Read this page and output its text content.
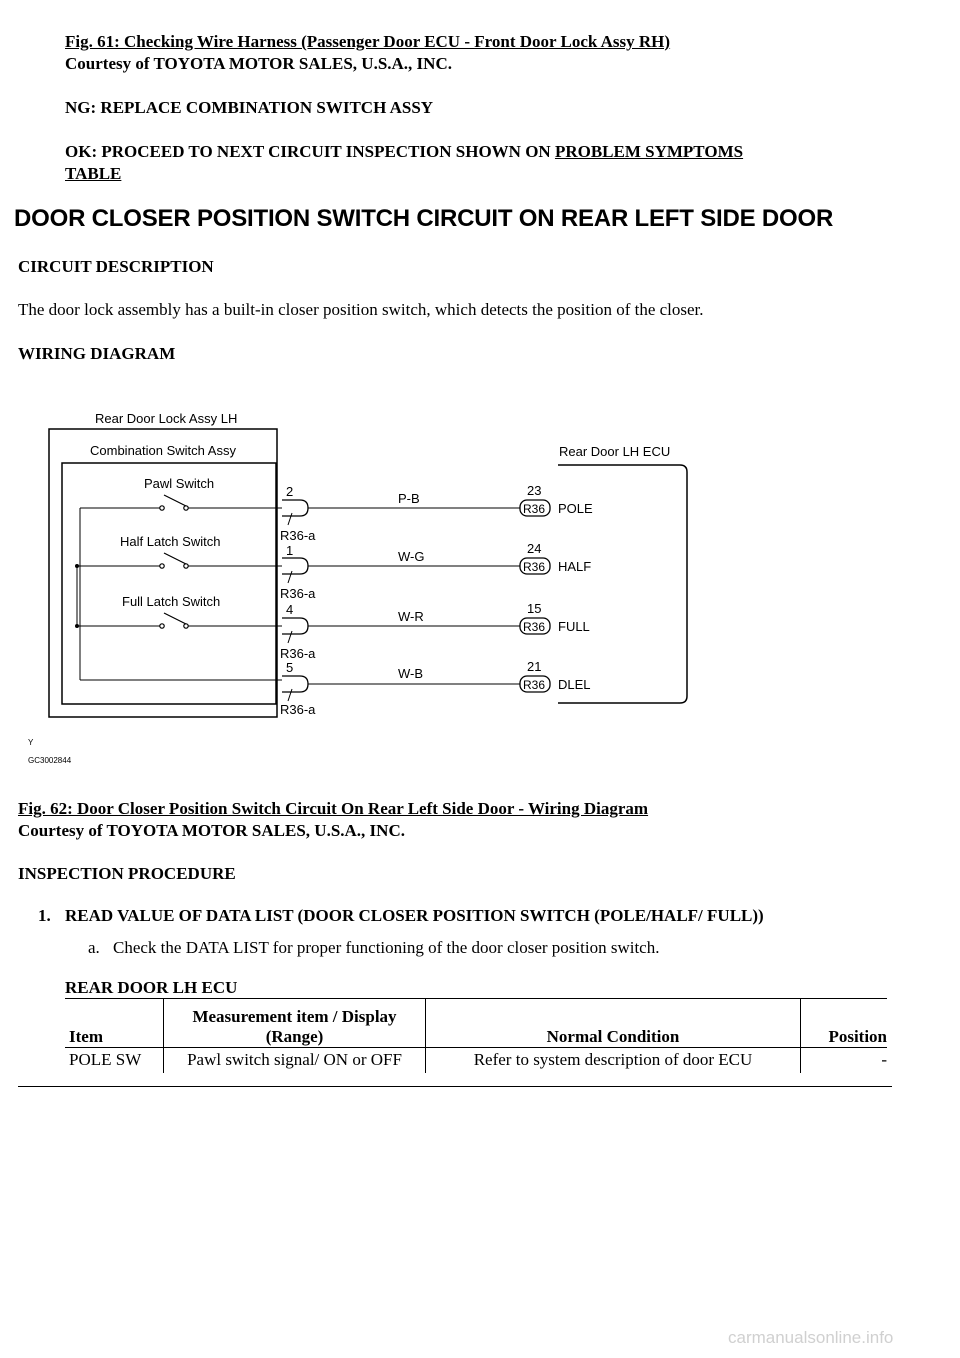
Fig. 61: Checking Wire Harness (Passenger Door ECU - Front Door Lock Assy RH)
Courtesy of TOYOTA MOTOR SALES, U.S.A., INC.
NG: REPLACE COMBINATION SWITCH ASSY
OK: PROCEED TO NEXT CIRCUIT INSPECTION SHOWN ON PROBLEM SYMPTOMS
TABLE
DOOR CLOSER POSITION SWITCH CIRCUIT ON REAR LEFT SIDE DOOR
CIRCUIT DESCRIPTION
The door lock assembly has a built-in closer position switch, which detects the position of the closer.
WIRING DIAGRAM
Rear Door Lock Assy LH
Combination Switch Assy	Rear Door LH ECU
Pawl Switch
Half Latch Switch
Full Latch Switch
2
R36-a
1
R36-a
4
R36-a
5
R36-a
P-B
W-G
W-R
W-B
R36
R36
R36
R36
23
24
15
21
POLE
HALF
FULL
DLEL
Y
GC3002844
Fig. 62: Door Closer Position Switch Circuit On Rear Left Side Door - Wiring Diagram
Courtesy of TOYOTA MOTOR SALES, U.S.A., INC.
INSPECTION PROCEDURE
1. READ VALUE OF DATA LIST (DOOR CLOSER POSITION SWITCH (POLE/HALF/ FULL))
a. Check the DATA LIST for proper functioning of the door closer position switch.
REAR DOOR LH ECU
Item	Measurement item / Display (Range)	Normal Condition	Position
POLE SW	Pawl switch signal/ ON or OFF	Refer to system description of door ECU	-
carmanualsonline.info
